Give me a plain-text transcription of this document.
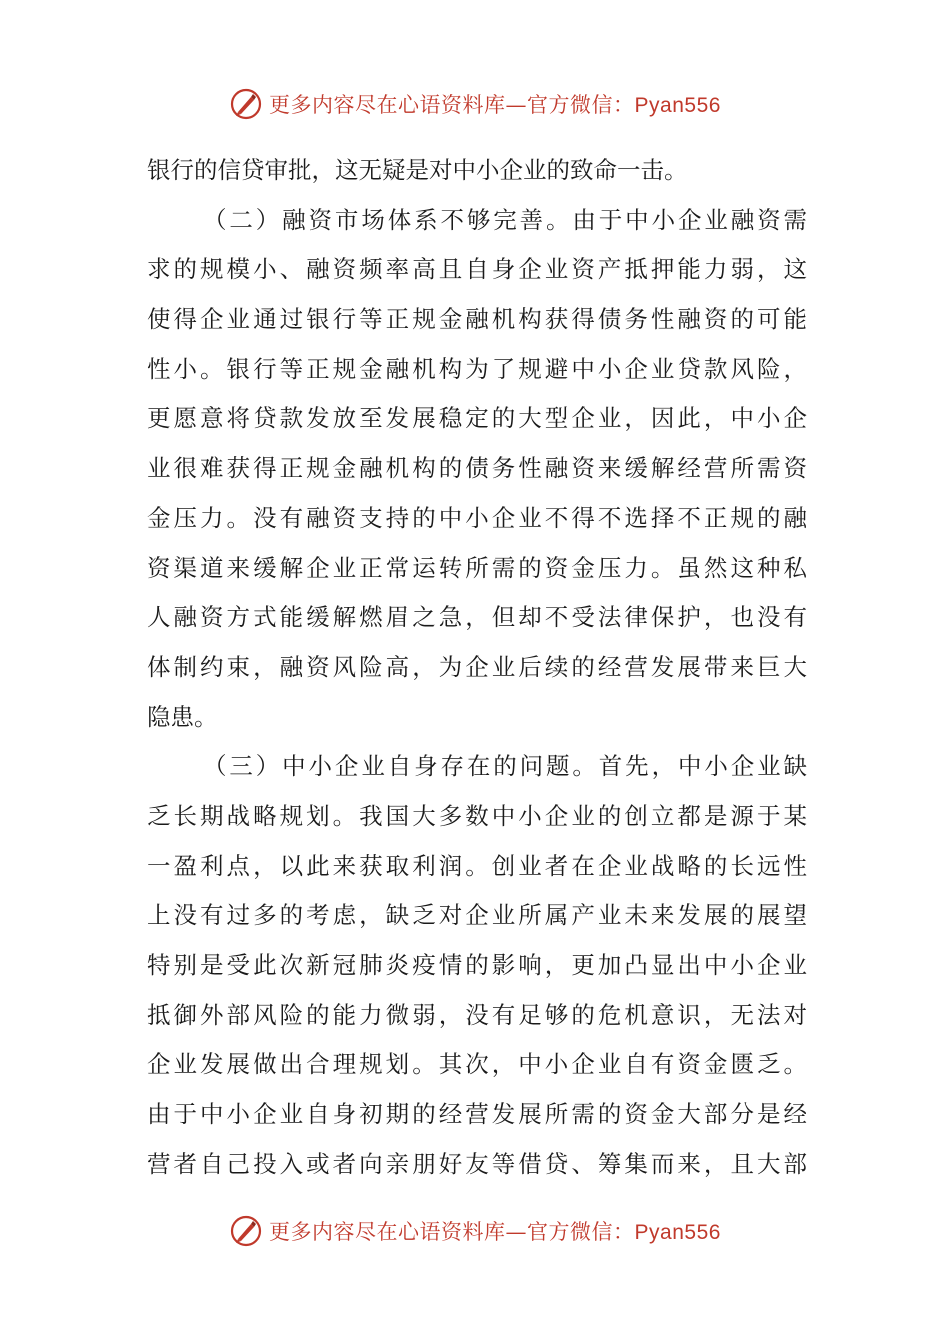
更多内容尽在心语资料库—官方微信：Pyan556
银行的信贷审批，这无疑是对中小企业的致命一击。
（二）融资市场体系不够完善。由于中小企业融资需
求的规模小、融资频率高且自身企业资产抵押能力弱，这
使得企业通过银行等正规金融机构获得债务性融资的可能
性小。银行等正规金融机构为了规避中小企业贷款风险，
更愿意将贷款发放至发展稳定的大型企业，因此，中小企
业很难获得正规金融机构的债务性融资来缓解经营所需资
金压力。没有融资支持的中小企业不得不选择不正规的融
资渠道来缓解企业正常运转所需的资金压力。虽然这种私
人融资方式能缓解燃眉之急，但却不受法律保护，也没有
体制约束，融资风险高，为企业后续的经营发展带来巨大
隐患。
（三）中小企业自身存在的问题。首先，中小企业缺
乏长期战略规划。我国大多数中小企业的创立都是源于某
一盈利点，以此来获取利润。创业者在企业战略的长远性
上没有过多的考虑，缺乏对企业所属产业未来发展的展望
特别是受此次新冠肺炎疫情的影响，更加凸显出中小企业
抵御外部风险的能力微弱，没有足够的危机意识，无法对
企业发展做出合理规划。其次，中小企业自有资金匮乏。
由于中小企业自身初期的经营发展所需的资金大部分是经
营者自己投入或者向亲朋好友等借贷、筹集而来，且大部
更多内容尽在心语资料库—官方微信：Pyan556
